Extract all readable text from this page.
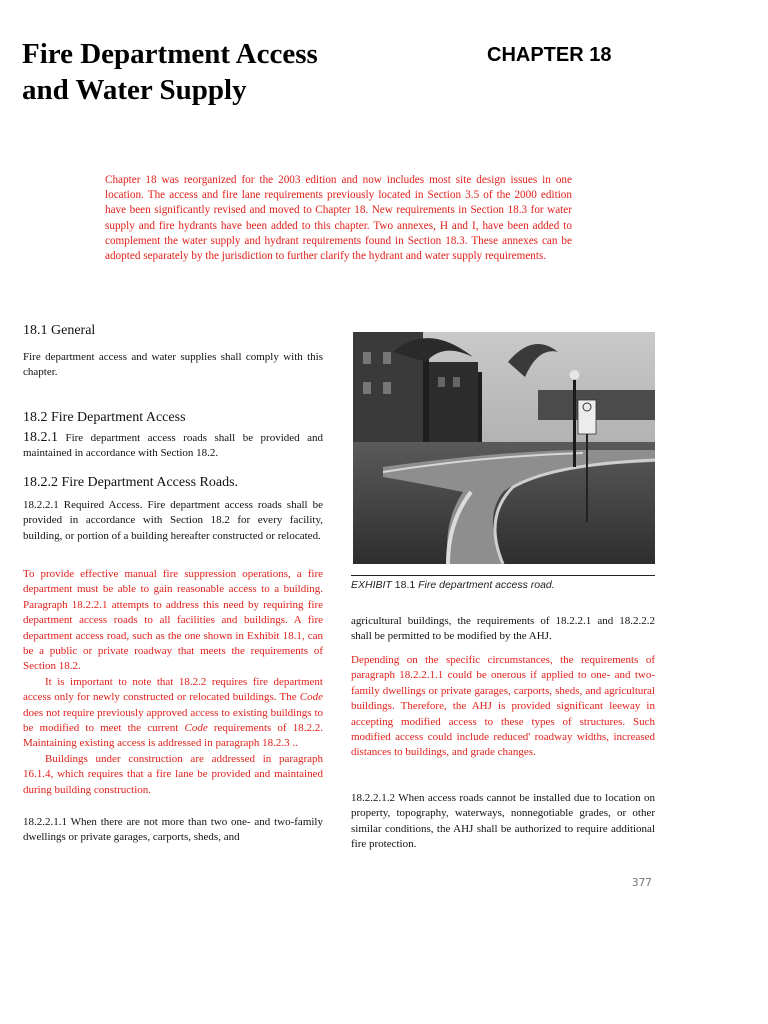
Fire Department Access
and Water Supply
CHAPTER 18
Chapter 18 was reorganized for the 2003 edition and now includes most site design issues in one location. The access and fire lane requirements previously located in Section 3.5 of the 2000 edition have been significantly revised and moved to Chapter 18. New requirements in Section 18.3 for water supply and fire hydrants have been added to this chapter. Two annexes, H and I, have been added to complement the water supply and hydrant requirements found in Section 18.3. These annexes can be adopted separately by the jurisdiction to further clarify the hydrant and water supply requirements.
18.1 General
Fire department access and water supplies shall comply with this chapter.
18.2 Fire Department Access
18.2.1 Fire department access roads shall be provided and maintained in accordance with Section 18.2.
18.2.2 Fire Department Access Roads.
18.2.2.1 Required Access. Fire department access roads shall be provided in accordance with Section 18.2 for every facility, building, or portion of a building hereafter constructed or relocated.
To provide effective manual fire suppression operations, a fire department must be able to gain reasonable access to a building. Paragraph 18.2.2.1 attempts to address this need by requiring fire department access roads to all facilities and buildings. A fire department access road, such as the one shown in Exhibit 18.1, can be a public or private roadway that meets the requirements of Section 18.2.
It is important to note that 18.2.2 requires fire department access only for newly constructed or relocated buildings. The Code does not require previously approved access to existing buildings to be modified to meet the current Code requirements of 18.2.2. Maintaining existing access is addressed in paragraph 18.2.3 ..
Buildings under construction are addressed in paragraph 16.1.4, which requires that a fire lane be provided and maintained during building construction.
18.2.2.1.1 When there are not more than two one- and two-family dwellings or private garages, carports, sheds, and
EXHIBIT 18.1 Fire department access road.
agricultural buildings, the requirements of 18.2.2.1 and 18.2.2.2 shall be permitted to be modified by the AHJ.
Depending on the specific circumstances, the requirements of paragraph 18.2.2.1.1 could be onerous if applied to one- and two-family dwellings or private garages, carports, sheds, and agricultural buildings. Therefore, the AHJ is provided significant leeway in accepting modified access to these types of structures. Such modified access could include reduced' roadway widths, increased distances to buildings, and grade changes.
18.2.2.1.2 When access roads cannot be installed due to location on property, topography, waterways, nonnegotiable grades, or other similar conditions, the AHJ shall be authorized to require additional fire protection.
377
